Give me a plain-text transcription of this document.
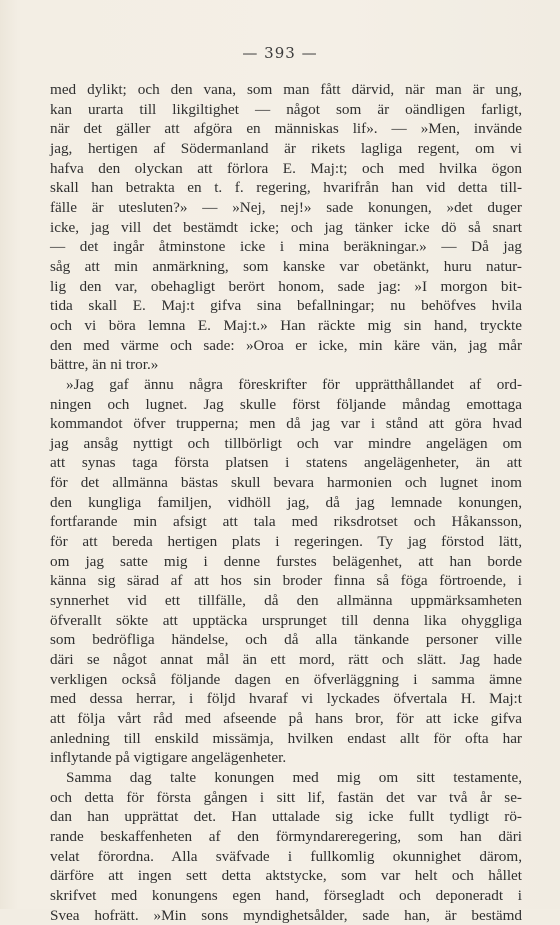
— 393 —
med dylikt; och den vana, som man fått därvid, när man är ung,
kan urarta till likgiltighet — något som är oändligen farligt,
när det gäller att afgöra en människas lif». — »Men, invände
jag, hertigen af Södermanland är rikets lagliga regent, om vi
hafva den olyckan att förlora E. Maj:t; och med hvilka ögon
skall han betrakta en t. f. regering, hvarifrån han vid detta till-
fälle är utesluten?» — »Nej, nej!» sade konungen, »det duger
icke, jag vill det bestämdt icke; och jag tänker icke dö så snart
— det ingår åtminstone icke i mina beräkningar.» — Då jag
såg att min anmärkning, som kanske var obetänkt, huru natur-
lig den var, obehagligt berört honom, sade jag: »I morgon bit-
tida skall E. Maj:t gifva sina befallningar; nu behöfves hvila
och vi böra lemna E. Maj:t.» Han räckte mig sin hand, tryckte
den med värme och sade: »Oroa er icke, min käre vän, jag mår
bättre, än ni tror.»
»Jag gaf ännu några föreskrifter för upprätthållandet af ord-
ningen och lugnet. Jag skulle först följande måndag emottaga
kommandot öfver trupperna; men då jag var i stånd att göra hvad
jag ansåg nyttigt och tillbörligt och var mindre angelägen om
att synas taga första platsen i statens angelägenheter, än att
för det allmänna bästas skull bevara harmonien och lugnet inom
den kungliga familjen, vidhöll jag, då jag lemnade konungen,
fortfarande min afsigt att tala med riksdrotset och Håkansson,
för att bereda hertigen plats i regeringen. Ty jag förstod lätt,
om jag satte mig i denne furstes belägenhet, att han borde
känna sig särad af att hos sin broder finna så föga förtroende, i
synnerhet vid ett tillfälle, då den allmänna uppmärksamheten
öfverallt sökte att upptäcka ursprunget till denna lika ohyggliga
som bedröfliga händelse, och då alla tänkande personer ville
däri se något annat mål än ett mord, rätt och slätt. Jag hade
verkligen också följande dagen en öfverläggning i samma ämne
med dessa herrar, i följd hvaraf vi lyckades öfvertala H. Maj:t
att följa vårt råd med afseende på hans bror, för att icke gifva
anledning till enskild missämja, hvilken endast allt för ofta har
inflytande på vigtigare angelägenheter.
Samma dag talte konungen med mig om sitt testamente,
och detta för första gången i sitt lif, fastän det var två år se-
dan han upprättat det. Han uttalade sig icke fullt tydligt rö-
rande beskaffenheten af den förmyndareregering, som han däri
velat förordna. Alla sväfvade i fullkomlig okunnighet därom,
därföre att ingen sett detta aktstycke, som var helt och hållet
skrifvet med konungens egen hand, försegladt och deponeradt i
Svea hofrätt. »Min sons myndighetsålder, sade han, är bestämd
